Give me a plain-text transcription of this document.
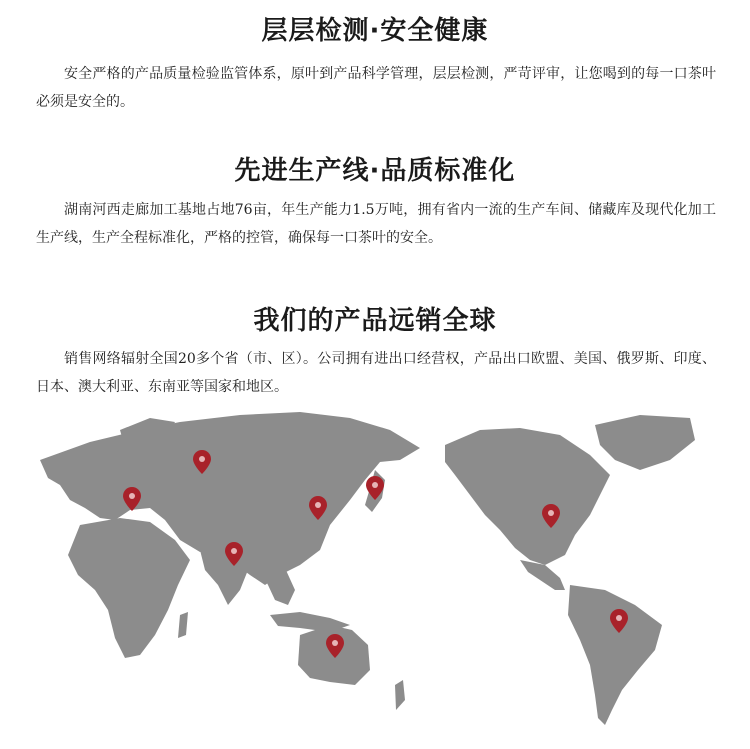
层层检测·安全健康
安全严格的产品质量检验监管体系，原叶到产品科学管理，层层检测，严苛评审，让您喝到的每一口茶叶必须是安全的。
先进生产线·品质标准化
湖南河西走廊加工基地占地76亩，年生产能力1.5万吨，拥有省内一流的生产车间、储藏库及现代化加工生产线，生产全程标准化，严格的控管，确保每一口茶叶的安全。
我们的产品远销全球
销售网络辐射全国20多个省（市、区）。公司拥有进出口经营权，产品出口欧盟、美国、俄罗斯、印度、日本、澳大利亚、东南亚等国家和地区。
